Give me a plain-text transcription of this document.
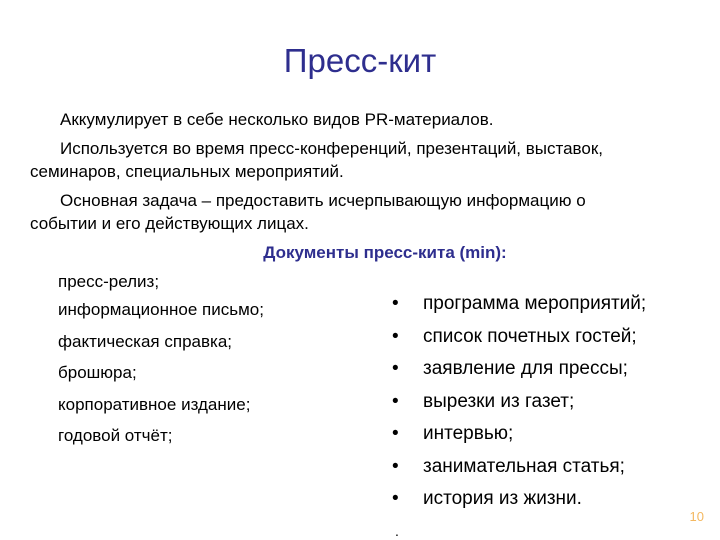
Пресс-кит
Аккумулирует в себе несколько видов PR-материалов.
Используется во время пресс-конференций, презентаций, выставок,
семинаров, специальных мероприятий.
Основная задача – предоставить исчерпывающую информацию о
событии и его действующих лицах.
Документы пресс-кита (min):
пресс-релиз;
информационное письмо;
фактическая справка;
брошюра;
корпоративное издание;
годовой отчёт;
• программа мероприятий;
• список почетных гостей;
• заявление для прессы;
• вырезки из газет;
• интервью;
• занимательная статья;
• история из жизни.
.
10
